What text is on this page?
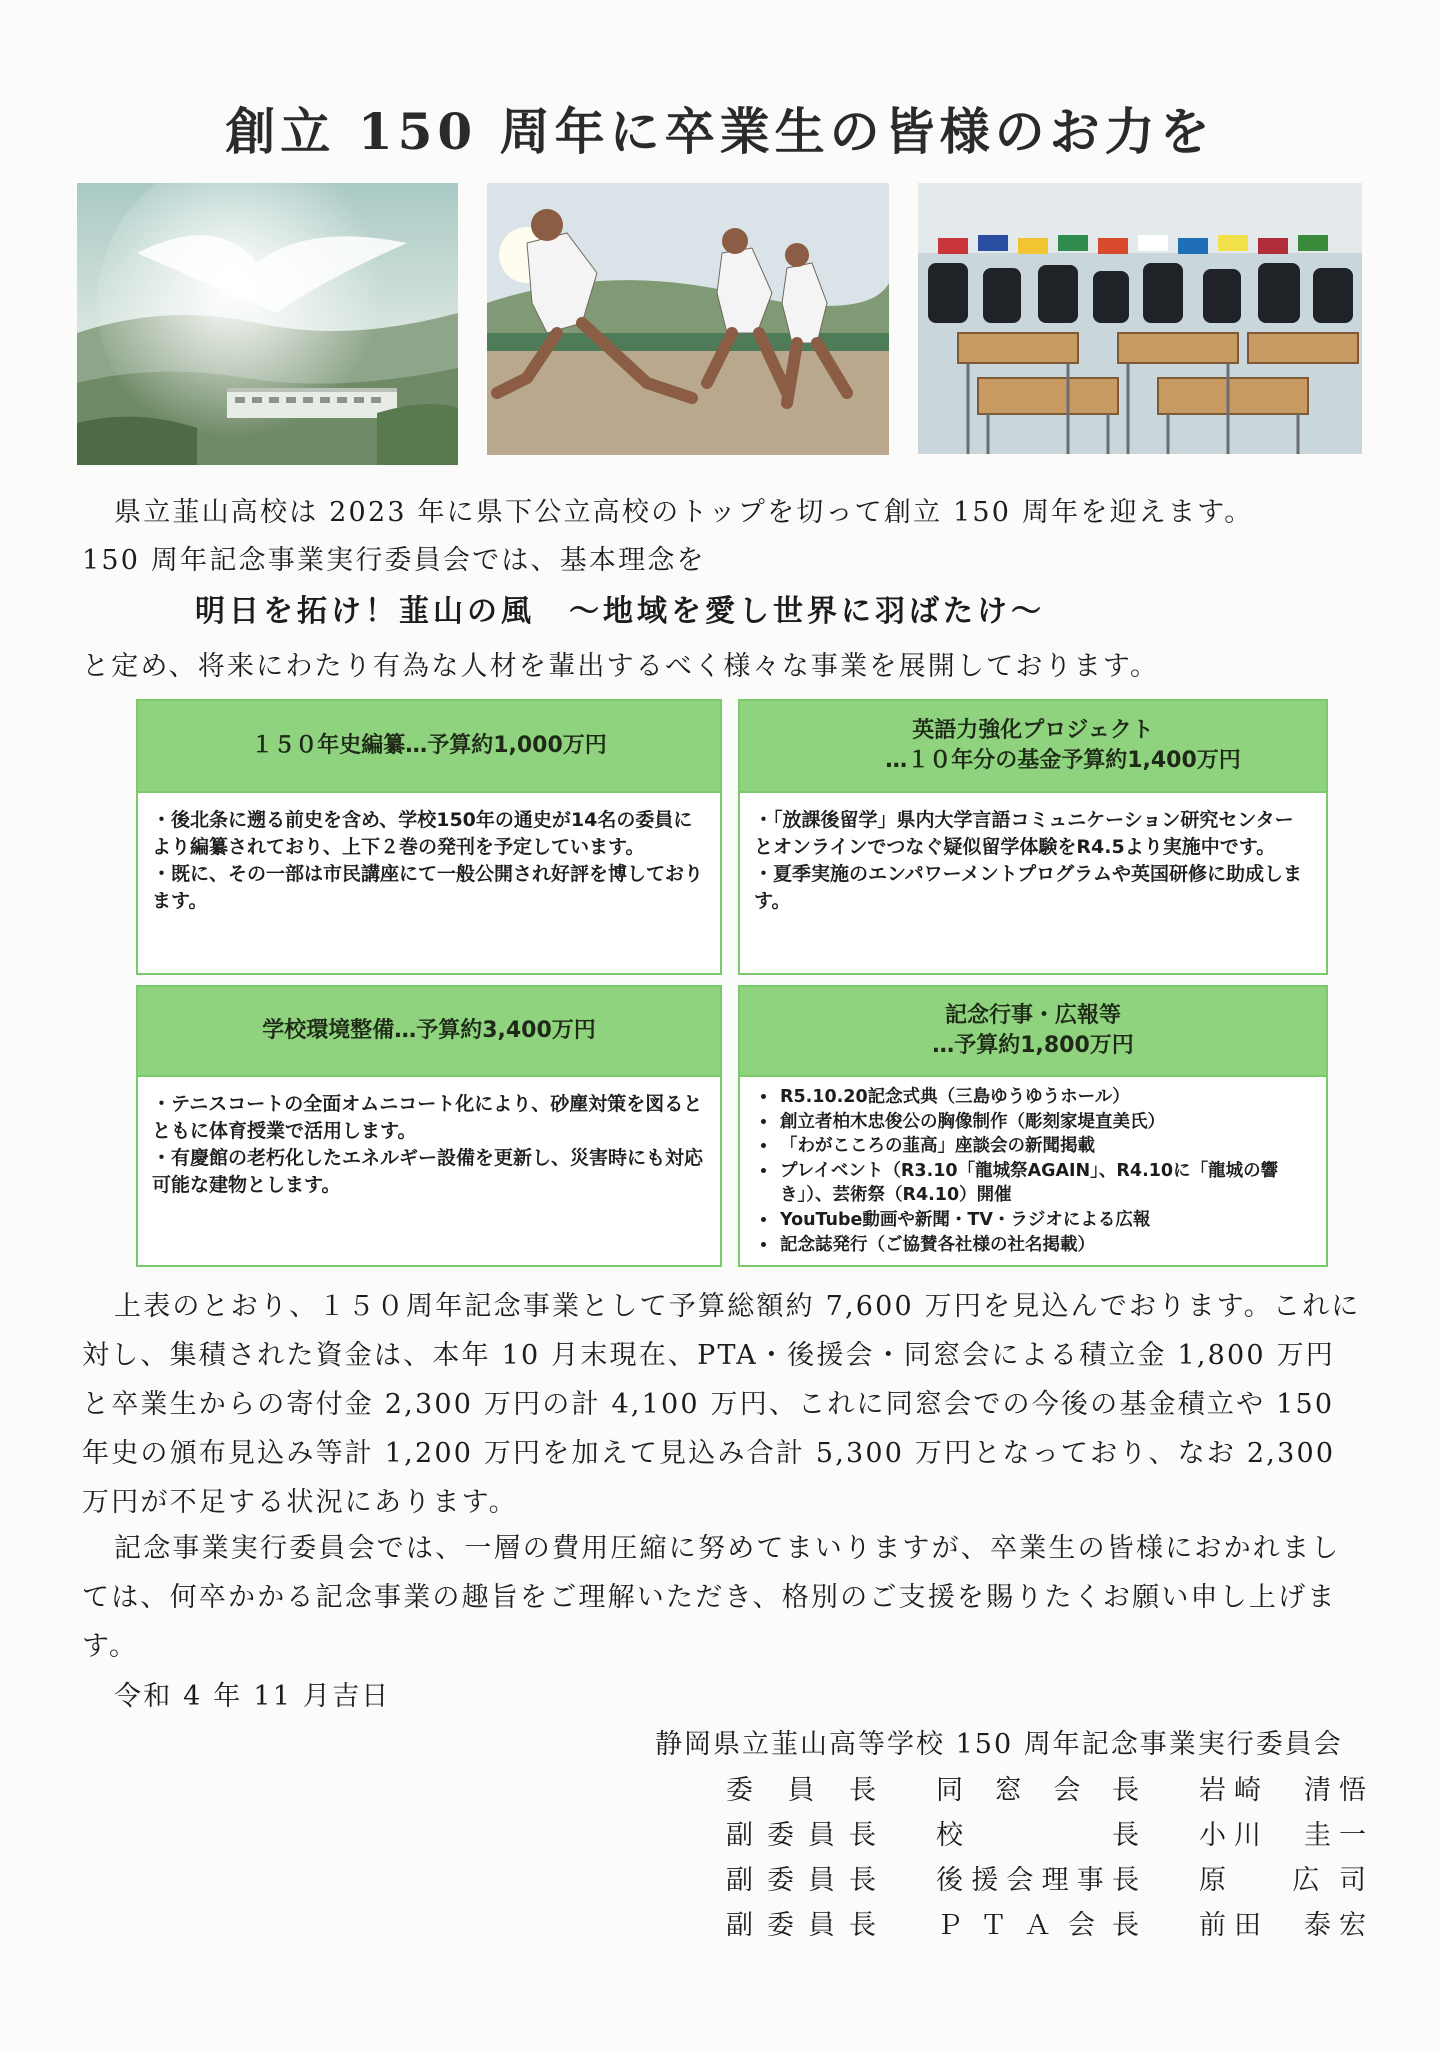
創立 150 周年に卒業生の皆様のお力を
県立韮山高校は 2023 年に県下公立高校のトップを切って創立 150 周年を迎えます。
150 周年記念事業実行委員会では、基本理念を
明日を拓け！韮山の風　～地域を愛し世界に羽ばたけ～
と定め、将来にわたり有為な人材を輩出するべく様々な事業を展開しております。
１５０年史編纂…予算約1,000万円

・後北条に遡る前史を含め、学校150年の通史が14名の委員により編纂されており、上下２巻の発刊を予定しています。

・既に、その一部は市民講座にて一般公開され好評を博しております。

英語力強化プロジェクト
…１０年分の基金予算約1,400万円

・「放課後留学」県内大学言語コミュニケーション研究センターとオンラインでつなぐ疑似留学体験をR4.5より実施中です。

・夏季実施のエンパワーメントプログラムや英国研修に助成します。

学校環境整備…予算約3,400万円

・テニスコートの全面オムニコート化により、砂塵対策を図るとともに体育授業で活用します。

・有慶館の老朽化したエネルギー設備を更新し、災害時にも対応可能な建物とします。

記念行事・広報等
…予算約1,800万円
• R5.10.20記念式典（三島ゆうゆうホール）
• 創立者柏木忠俊公の胸像制作（彫刻家堤直美氏）
• 「わがこころの韮高」座談会の新聞掲載
• プレイベント（R3.10「龍城祭AGAIN」、R4.10に「龍城の響き」）、芸術祭（R4.10）開催
• YouTube動画や新聞・TV・ラジオによる広報
• 記念誌発行（ご協賛各社様の社名掲載）
上表のとおり、１５０周年記念事業として予算総額約 7,600 万円を見込んでおります。これに対し、集積された資金は、本年 10 月末現在、PTA・後援会・同窓会による積立金 1,800 万円と卒業生からの寄付金 2,300 万円の計 4,100 万円、これに同窓会での今後の基金積立や 150 年史の頒布見込み等計 1,200 万円を加えて見込み合計 5,300 万円となっており、なお 2,300 万円が不足する状況にあります。
記念事業実行委員会では、一層の費用圧縮に努めてまいりますが、卒業生の皆様におかれましては、何卒かかる記念事業の趣旨をご理解いただき、格別のご支援を賜りたくお願い申し上げます。
令和 4 年 11 月吉日
静岡県立韮山高等学校 150 周年記念事業実行委員会
委員長 同窓会長 岩崎　清悟
副委員長 校長 小川　圭一
副委員長 後援会理事長 原　広司
副委員長 ＰＴＡ会長 前田　泰宏
